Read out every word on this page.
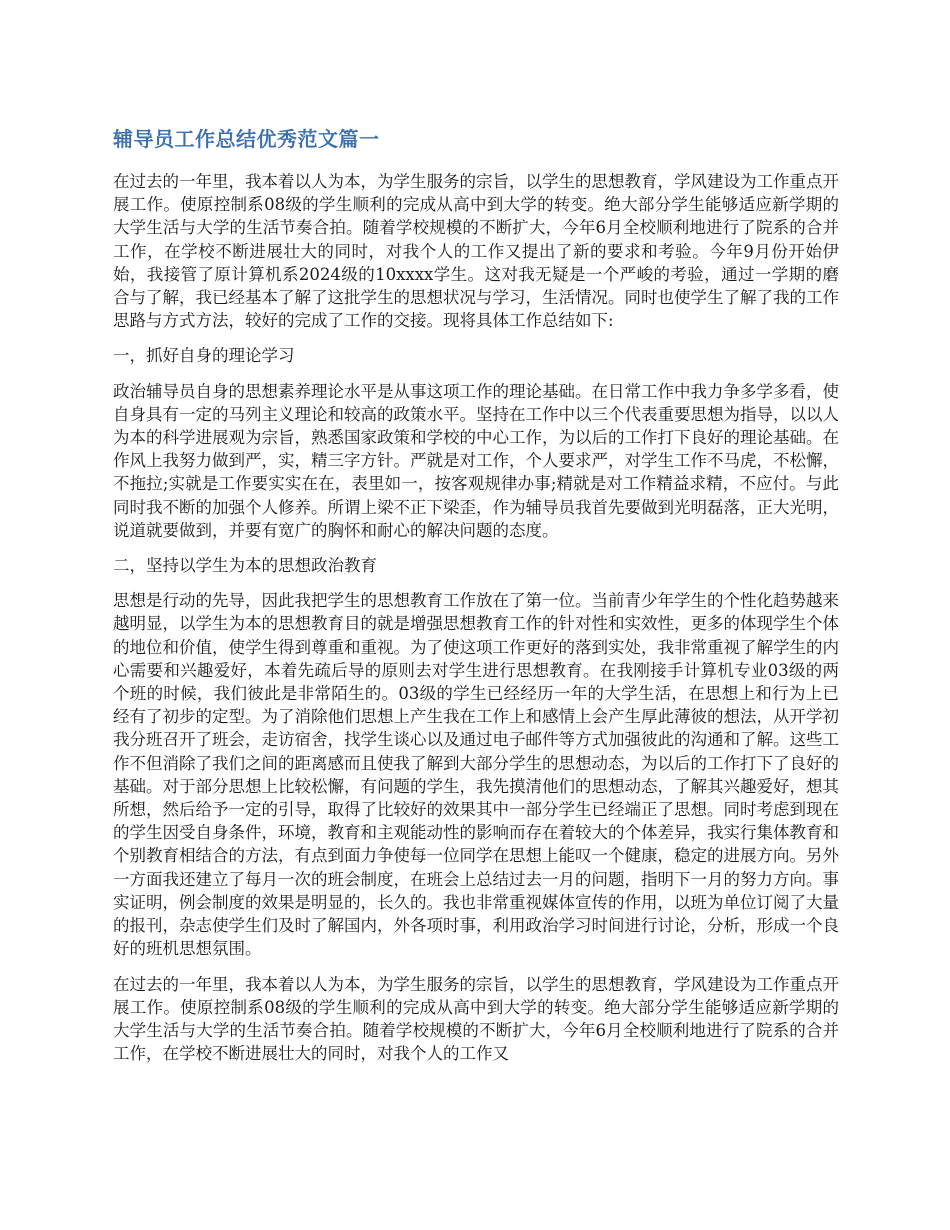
辅导员工作总结优秀范文篇一

在过去的一年里，我本着以人为本，为学生服务的宗旨，以学生的思想教育，学风建设为工作重点开展工作。使原控制系08级的学生顺利的完成从高中到大学的转变。绝大部分学生能够适应新学期的大学生活与大学的生活节奏合拍。随着学校规模的不断扩大，今年6月全校顺利地进行了院系的合并工作，在学校不断进展壮大的同时，对我个人的工作又提出了新的要求和考验。今年9月份开始伊始，我接管了原计算机系2024级的10xxxx学生。这对我无疑是一个严峻的考验，通过一学期的磨合与了解，我已经基本了解了这批学生的思想状况与学习，生活情况。同时也使学生了解了我的工作思路与方式方法，较好的完成了工作的交接。现将具体工作总结如下:

一，抓好自身的理论学习

政治辅导员自身的思想素养理论水平是从事这项工作的理论基础。在日常工作中我力争多学多看，使自身具有一定的马列主义理论和较高的政策水平。坚持在工作中以三个代表重要思想为指导，以以人为本的科学进展观为宗旨，熟悉国家政策和学校的中心工作，为以后的工作打下良好的理论基础。在作风上我努力做到严，实，精三字方针。严就是对工作，个人要求严，对学生工作不马虎，不松懈，不拖拉;实就是工作要实实在在，表里如一，按客观规律办事;精就是对工作精益求精，不应付。与此同时我不断的加强个人修养。所谓上梁不正下梁歪，作为辅导员我首先要做到光明磊落，正大光明，说道就要做到，并要有宽广的胸怀和耐心的解决问题的态度。

二，坚持以学生为本的思想政治教育

思想是行动的先导，因此我把学生的思想教育工作放在了第一位。当前青少年学生的个性化趋势越来越明显，以学生为本的思想教育目的就是增强思想教育工作的针对性和实效性，更多的体现学生个体的地位和价值，使学生得到尊重和重视。为了使这项工作更好的落到实处，我非常重视了解学生的内心需要和兴趣爱好，本着先疏后导的原则去对学生进行思想教育。在我刚接手计算机专业03级的两个班的时候，我们彼此是非常陌生的。03级的学生已经经历一年的大学生活，在思想上和行为上已经有了初步的定型。为了消除他们思想上产生我在工作上和感情上会产生厚此薄彼的想法，从开学初我分班召开了班会，走访宿舍，找学生谈心以及通过电子邮件等方式加强彼此的沟通和了解。这些工作不但消除了我们之间的距离感而且使我了解到大部分学生的思想动态，为以后的工作打下了良好的基础。对于部分思想上比较松懈，有问题的学生，我先摸清他们的思想动态，了解其兴趣爱好，想其所想，然后给予一定的引导，取得了比较好的效果其中一部分学生已经端正了思想。同时考虑到现在的学生因受自身条件，环境，教育和主观能动性的影响而存在着较大的个体差异，我实行集体教育和个别教育相结合的方法，有点到面力争使每一位同学在思想上能叹一个健康，稳定的进展方向。另外一方面我还建立了每月一次的班会制度，在班会上总结过去一月的问题，指明下一月的努力方向。事实证明，例会制度的效果是明显的，长久的。我也非常重视媒体宣传的作用，以班为单位订阅了大量的报刊，杂志使学生们及时了解国内，外各项时事，利用政治学习时间进行讨论，分析，形成一个良好的班机思想氛围。

在过去的一年里，我本着以人为本，为学生服务的宗旨，以学生的思想教育，学风建设为工作重点开展工作。使原控制系08级的学生顺利的完成从高中到大学的转变。绝大部分学生能够适应新学期的大学生活与大学的生活节奏合拍。随着学校规模的不断扩大，今年6月全校顺利地进行了院系的合并工作，在学校不断进展壮大的同时，对我个人的工作又
